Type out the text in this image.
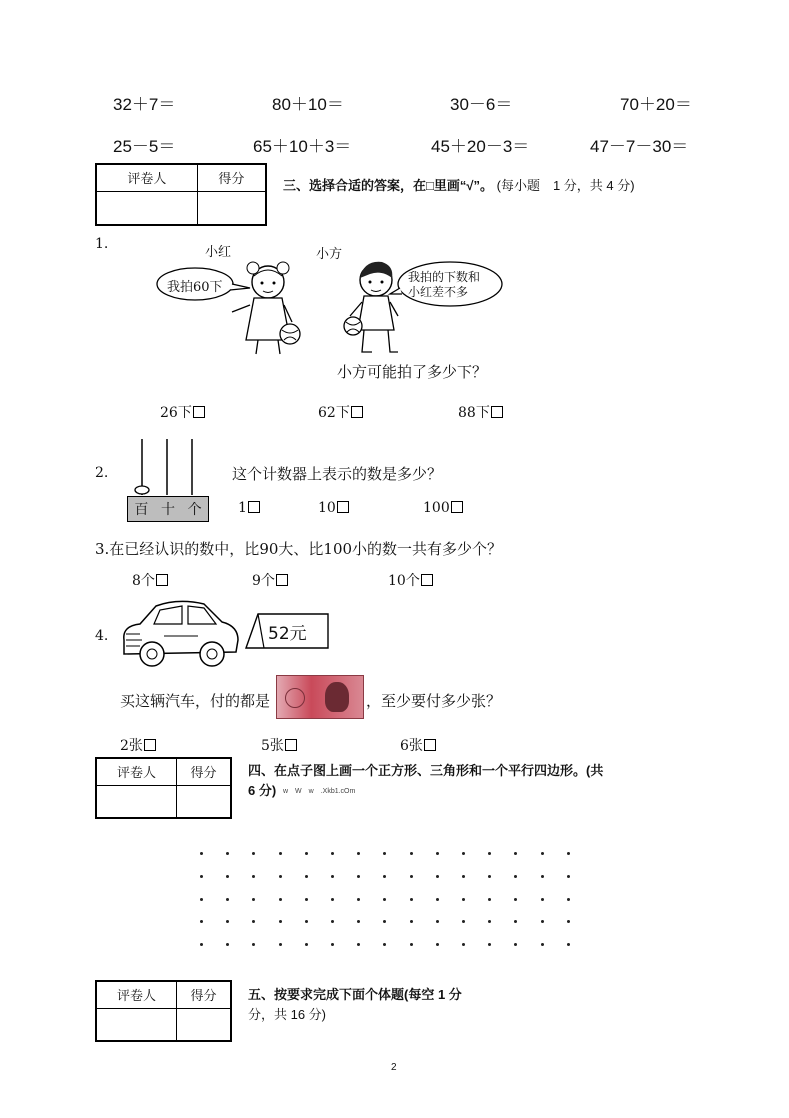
32＋7＝	80＋10＝	30－6＝	70＋20＝
25－5＝	65＋10＋3＝	45＋20－3＝	47－7－30＝
评卷人	得分
		三、选择合适的答案，在□里画“√”。 (每小题　1 分，共 4 分)
1.
小红	小方
我拍60下
我拍的下数和
小红差不多
小方可能拍了多少下？
26下	62下	88下
2.
百 十 个
这个计数器上表示的数是多少？
1	10	100
3.在已经认识的数中，比90大、比100小的数一共有多少个？
8个	9个	10个
4.	52元
买这辆汽车，付的都是	，至少要付多少张？
2张	5张	6张
评卷人	得分
	四、在点子图上画一个正方形、三角形和一个平行四边形。(共
6 分) w　W　w　.Xkb1.cOm
评卷人	得分
	五、按要求完成下面个体题(每空 1 分
分，共 16 分)
2
